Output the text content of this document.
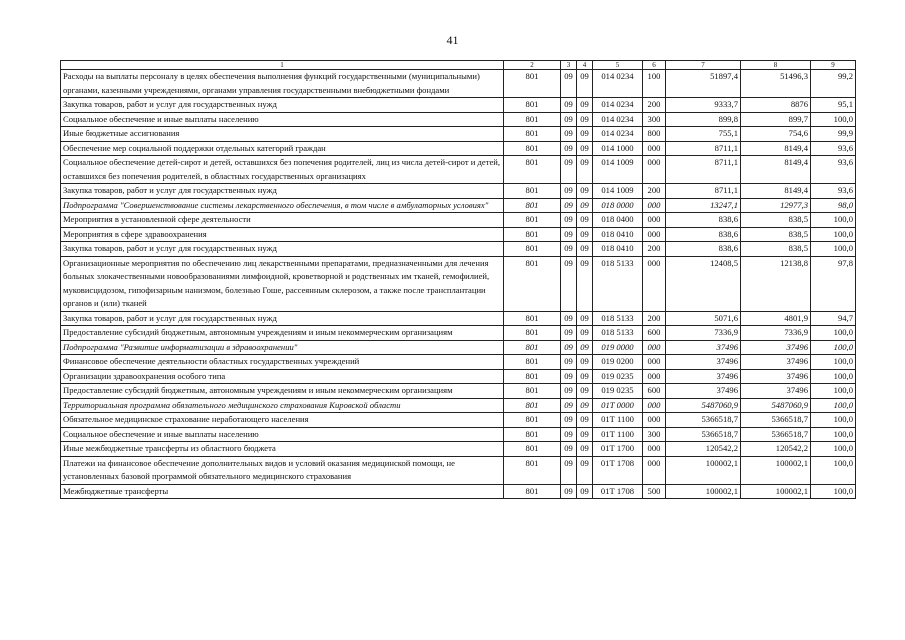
41
1	2	3	4	5	6	7	8	9
Расходы на выплаты персоналу в целях обеспечения выполнения функций государственными (муниципальными) органами, казенными учреждениями, органами управления государственными внебюджетными фондами	801	09	09	014 0234	100	51897,4	51496,3	99,2
Закупка товаров, работ и услуг для государственных нужд	801	09	09	014 0234	200	9333,7	8876	95,1
Социальное обеспечение и иные выплаты населению	801	09	09	014 0234	300	899,8	899,7	100,0
Иные бюджетные ассигнования	801	09	09	014 0234	800	755,1	754,6	99,9
Обеспечение мер социальной поддержки отдельных категорий граждан	801	09	09	014 1000	000	8711,1	8149,4	93,6
Социальное обеспечение детей-сирот и детей, оставшихся без попечения родителей, лиц из числа детей-сирот и детей, оставшихся без попечения родителей, в областных государственных организациях	801	09	09	014 1009	000	8711,1	8149,4	93,6
Закупка товаров, работ и услуг для государственных нужд	801	09	09	014 1009	200	8711,1	8149,4	93,6
Подпрограмма "Совершенствование системы лекарственного обеспечения, в том числе в амбулаторных условиях"	801	09	09	018 0000	000	13247,1	12977,3	98,0
Мероприятия в установленной сфере деятельности	801	09	09	018 0400	000	838,6	838,5	100,0
Мероприятия в сфере здравоохранения	801	09	09	018 0410	000	838,6	838,5	100,0
Закупка товаров, работ и услуг для государственных нужд	801	09	09	018 0410	200	838,6	838,5	100,0
Организационные мероприятия по обеспечению лиц лекарственными препаратами, предназначенными для лечения больных злокачественными новообразованиями лимфоидной, кроветворной и родственных им тканей, гемофилией, муковисцидозом, гипофизарным нанизмом, болезнью Гоше, рассеянным склерозом, а также после трансплантации органов и (или) тканей	801	09	09	018 5133	000	12408,5	12138,8	97,8
Закупка товаров, работ и услуг для государственных нужд	801	09	09	018 5133	200	5071,6	4801,9	94,7
Предоставление субсидий бюджетным, автономным учреждениям и иным некоммерческим организациям	801	09	09	018 5133	600	7336,9	7336,9	100,0
Подпрограмма "Развитие информатизации в здравоохранении"	801	09	09	019 0000	000	37496	37496	100,0
Финансовое обеспечение деятельности областных государственных учреждений	801	09	09	019 0200	000	37496	37496	100,0
Организации здравоохранения особого типа	801	09	09	019 0235	000	37496	37496	100,0
Предоставление субсидий бюджетным, автономным учреждениям и иным некоммерческим организациям	801	09	09	019 0235	600	37496	37496	100,0
Территориальная программа обязательного медицинского страхования Кировской области	801	09	09	01Т 0000	000	5487060,9	5487060,9	100,0
Обязательное медицинское страхование неработающего населения	801	09	09	01Т 1100	000	5366518,7	5366518,7	100,0
Социальное обеспечение и иные выплаты населению	801	09	09	01Т 1100	300	5366518,7	5366518,7	100,0
Иные межбюджетные трансферты из областного бюджета	801	09	09	01Т 1700	000	120542,2	120542,2	100,0
Платежи на финансовое обеспечение дополнительных видов и условий оказания медицинской помощи, не установленных базовой программой обязательного медицинского страхования	801	09	09	01Т 1708	000	100002,1	100002,1	100,0
Межбюджетные трансферты	801	09	09	01Т 1708	500	100002,1	100002,1	100,0
